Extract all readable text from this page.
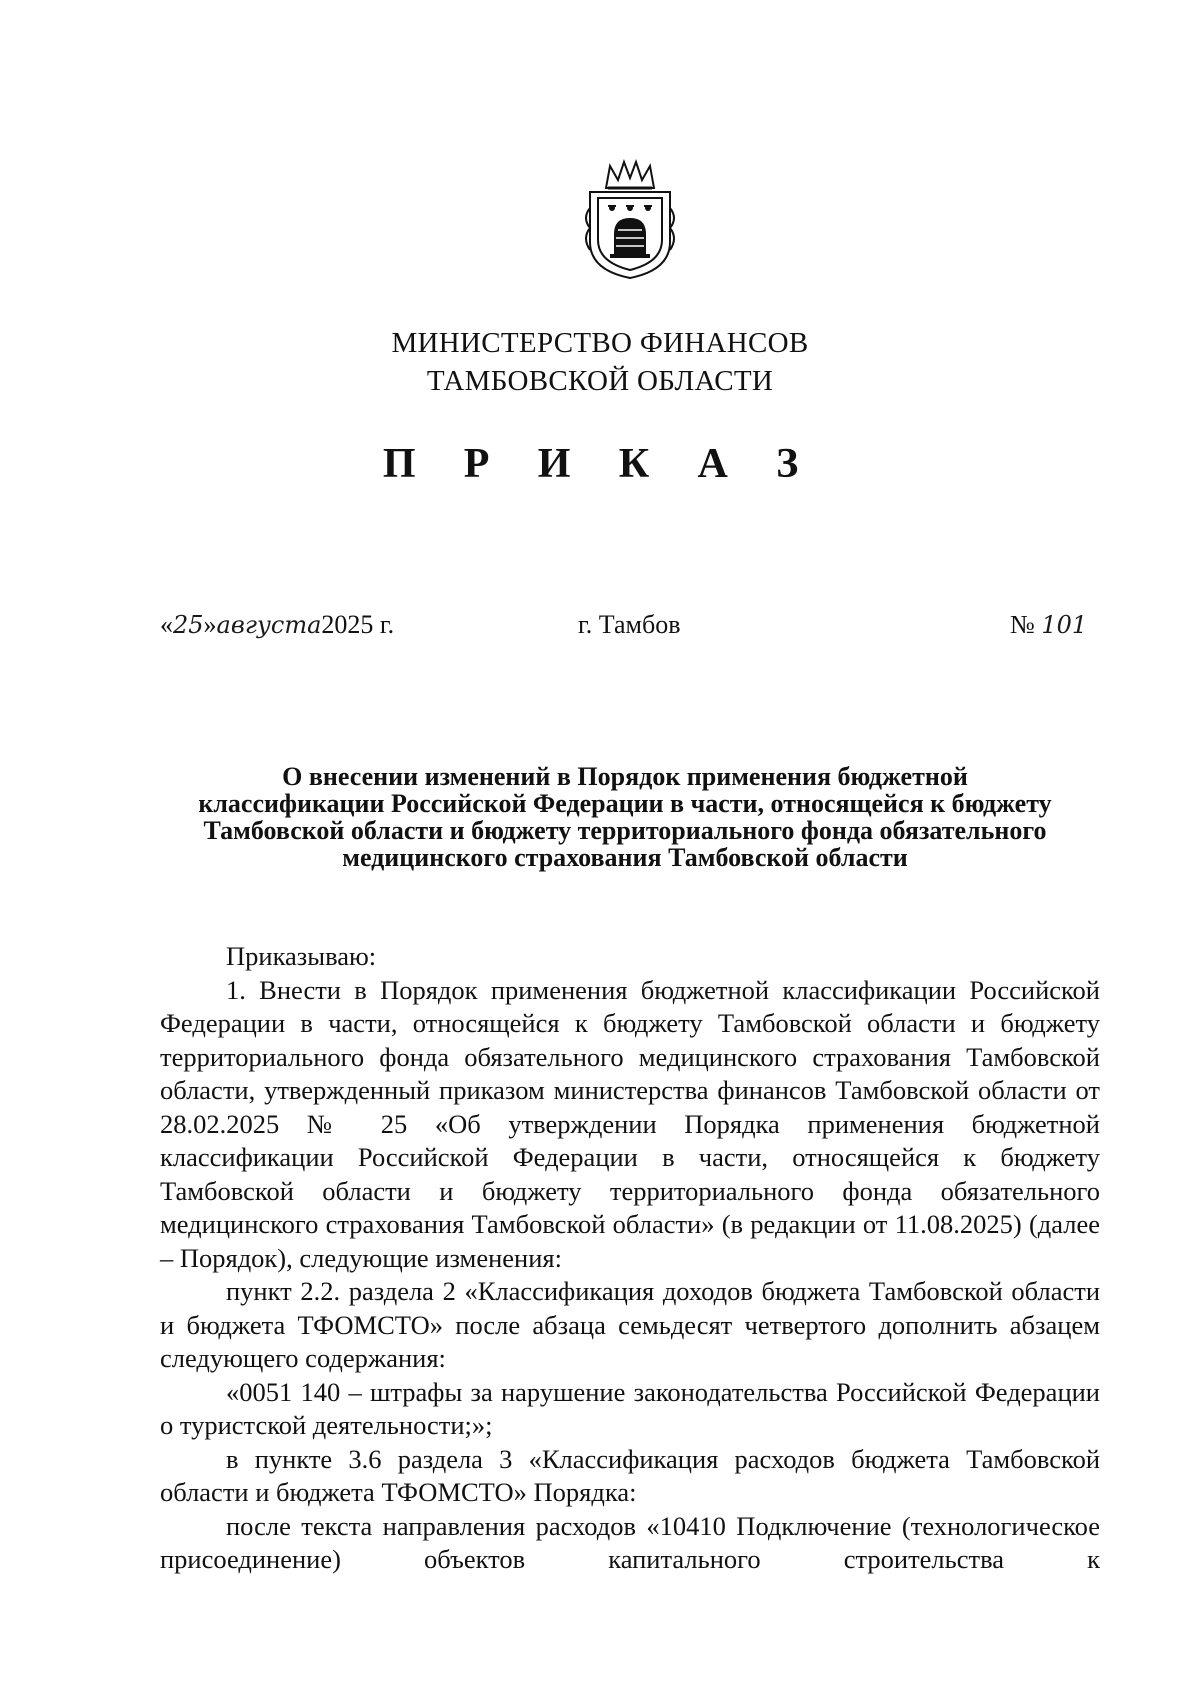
МИНИСТЕРСТВО ФИНАНСОВ
ТАМБОВСКОЙ ОБЛАСТИ
П Р И К А З
«25»августа2025 г.	г. Тамбов	№ 101
О внесении изменений в Порядок применения бюджетной
классификации Российской Федерации в части, относящейся к бюджету
Тамбовской области и бюджету территориального фонда обязательного
медицинского страхования Тамбовской области

Приказываю:

1. Внести в Порядок применения бюджетной классификации Российской Федерации в части, относящейся к бюджету Тамбовской области и бюджету территориального фонда обязательного медицинского страхования Тамбовской области, утвержденный приказом министерства финансов Тамбовской области от 28.02.2025 № 25 «Об утверждении Порядка применения бюджетной классификации Российской Федерации в части, относящейся к бюджету Тамбовской области и бюджету территориального фонда обязательного медицинского страхования Тамбовской области» (в редакции от 11.08.2025) (далее – Порядок), следующие изменения:

пункт 2.2. раздела 2 «Классификация доходов бюджета Тамбовской области и бюджета ТФОМСТО» после абзаца семьдесят четвертого дополнить абзацем следующего содержания:

«0051 140 – штрафы за нарушение законодательства Российской Федерации о туристской деятельности;»;

в пункте 3.6 раздела 3 «Классификация расходов бюджета Тамбовской области и бюджета ТФОМСТО» Порядка:

после текста направления расходов «10410 Подключение (технологическое присоединение) объектов капитального строительства к
